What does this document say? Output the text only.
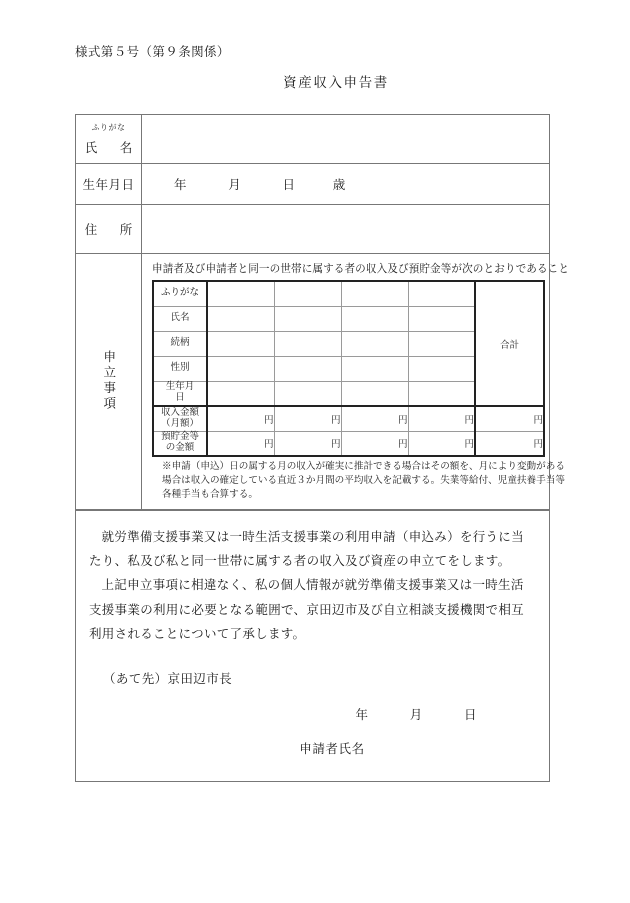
様式第５号（第９条関係）
資産収入申告書
ふりがな
氏　名
生年月日	年	月	日	歳
住　所
申立事項
申請者及び申請者と同一の世帯に属する者の収入及び預貯金等が次のとおりであること
ふりがな					合計
氏名					
続柄					
性別					

生年月
日					

収入金額
（月額）	円	円	円	円	円

預貯金等
の金額	円	円	円	円	円
※申請（申込）日の属する月の収入が確実に推計できる場合はその額を、月により変動がある場合は収入の確定している直近３か月間の平均収入を記載する。失業等給付、児童扶養手当等各種手当も合算する。

就労準備支援事業又は一時生活支援事業の利用申請（申込み）を行うに当たり、私及び私と同一世帯に属する者の収入及び資産の申立てをします。

上記申立事項に相違なく、私の個人情報が就労準備支援事業又は一時生活支援事業の利用に必要となる範囲で、京田辺市及び自立相談支援機関で相互利用されることについて了承します。

（あて先）京田辺市長
年	月	日
申請者氏名
